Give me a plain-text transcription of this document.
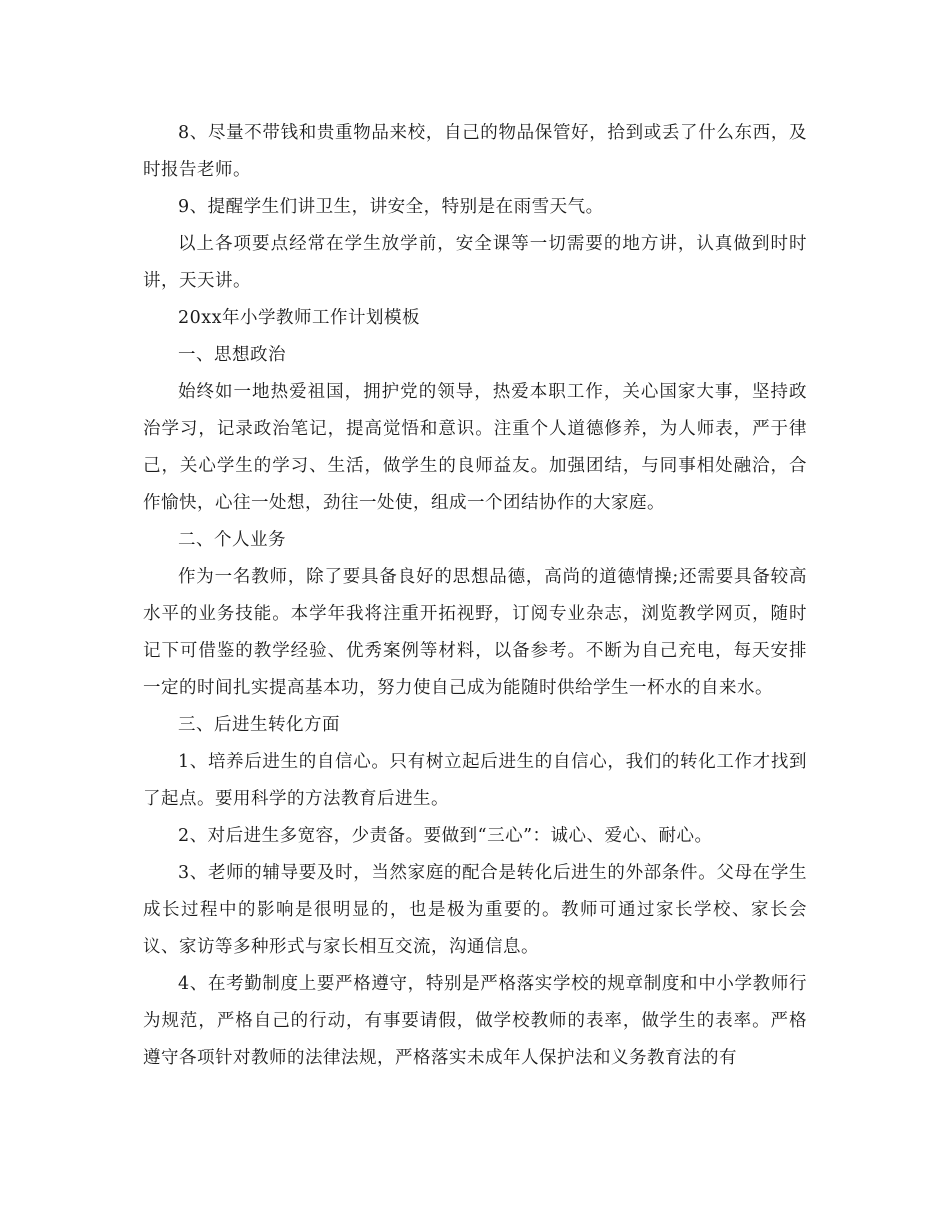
8、尽量不带钱和贵重物品来校，自己的物品保管好，拾到或丢了什么东西，及时报告老师。

9、提醒学生们讲卫生，讲安全，特别是在雨雪天气。

以上各项要点经常在学生放学前，安全课等一切需要的地方讲，认真做到时时讲，天天讲。

20xx年小学教师工作计划模板

一、思想政治

始终如一地热爱祖国，拥护党的领导，热爱本职工作，关心国家大事，坚持政治学习，记录政治笔记，提高觉悟和意识。注重个人道德修养，为人师表，严于律己，关心学生的学习、生活，做学生的良师益友。加强团结，与同事相处融洽，合作愉快，心往一处想，劲往一处使，组成一个团结协作的大家庭。

二、个人业务

作为一名教师，除了要具备良好的思想品德，高尚的道德情操;还需要具备较高水平的业务技能。本学年我将注重开拓视野，订阅专业杂志，浏览教学网页，随时记下可借鉴的教学经验、优秀案例等材料，以备参考。不断为自己充电，每天安排一定的时间扎实提高基本功，努力使自己成为能随时供给学生一杯水的自来水。

三、后进生转化方面

1、培养后进生的自信心。只有树立起后进生的自信心，我们的转化工作才找到了起点。要用科学的方法教育后进生。

2、对后进生多宽容，少责备。要做到“三心”：诚心、爱心、耐心。

3、老师的辅导要及时，当然家庭的配合是转化后进生的外部条件。父母在学生成长过程中的影响是很明显的，也是极为重要的。教师可通过家长学校、家长会议、家访等多种形式与家长相互交流，沟通信息。

4、在考勤制度上要严格遵守，特别是严格落实学校的规章制度和中小学教师行为规范，严格自己的行动，有事要请假，做学校教师的表率，做学生的表率。严格遵守各项针对教师的法律法规，严格落实未成年人保护法和义务教育法的有
